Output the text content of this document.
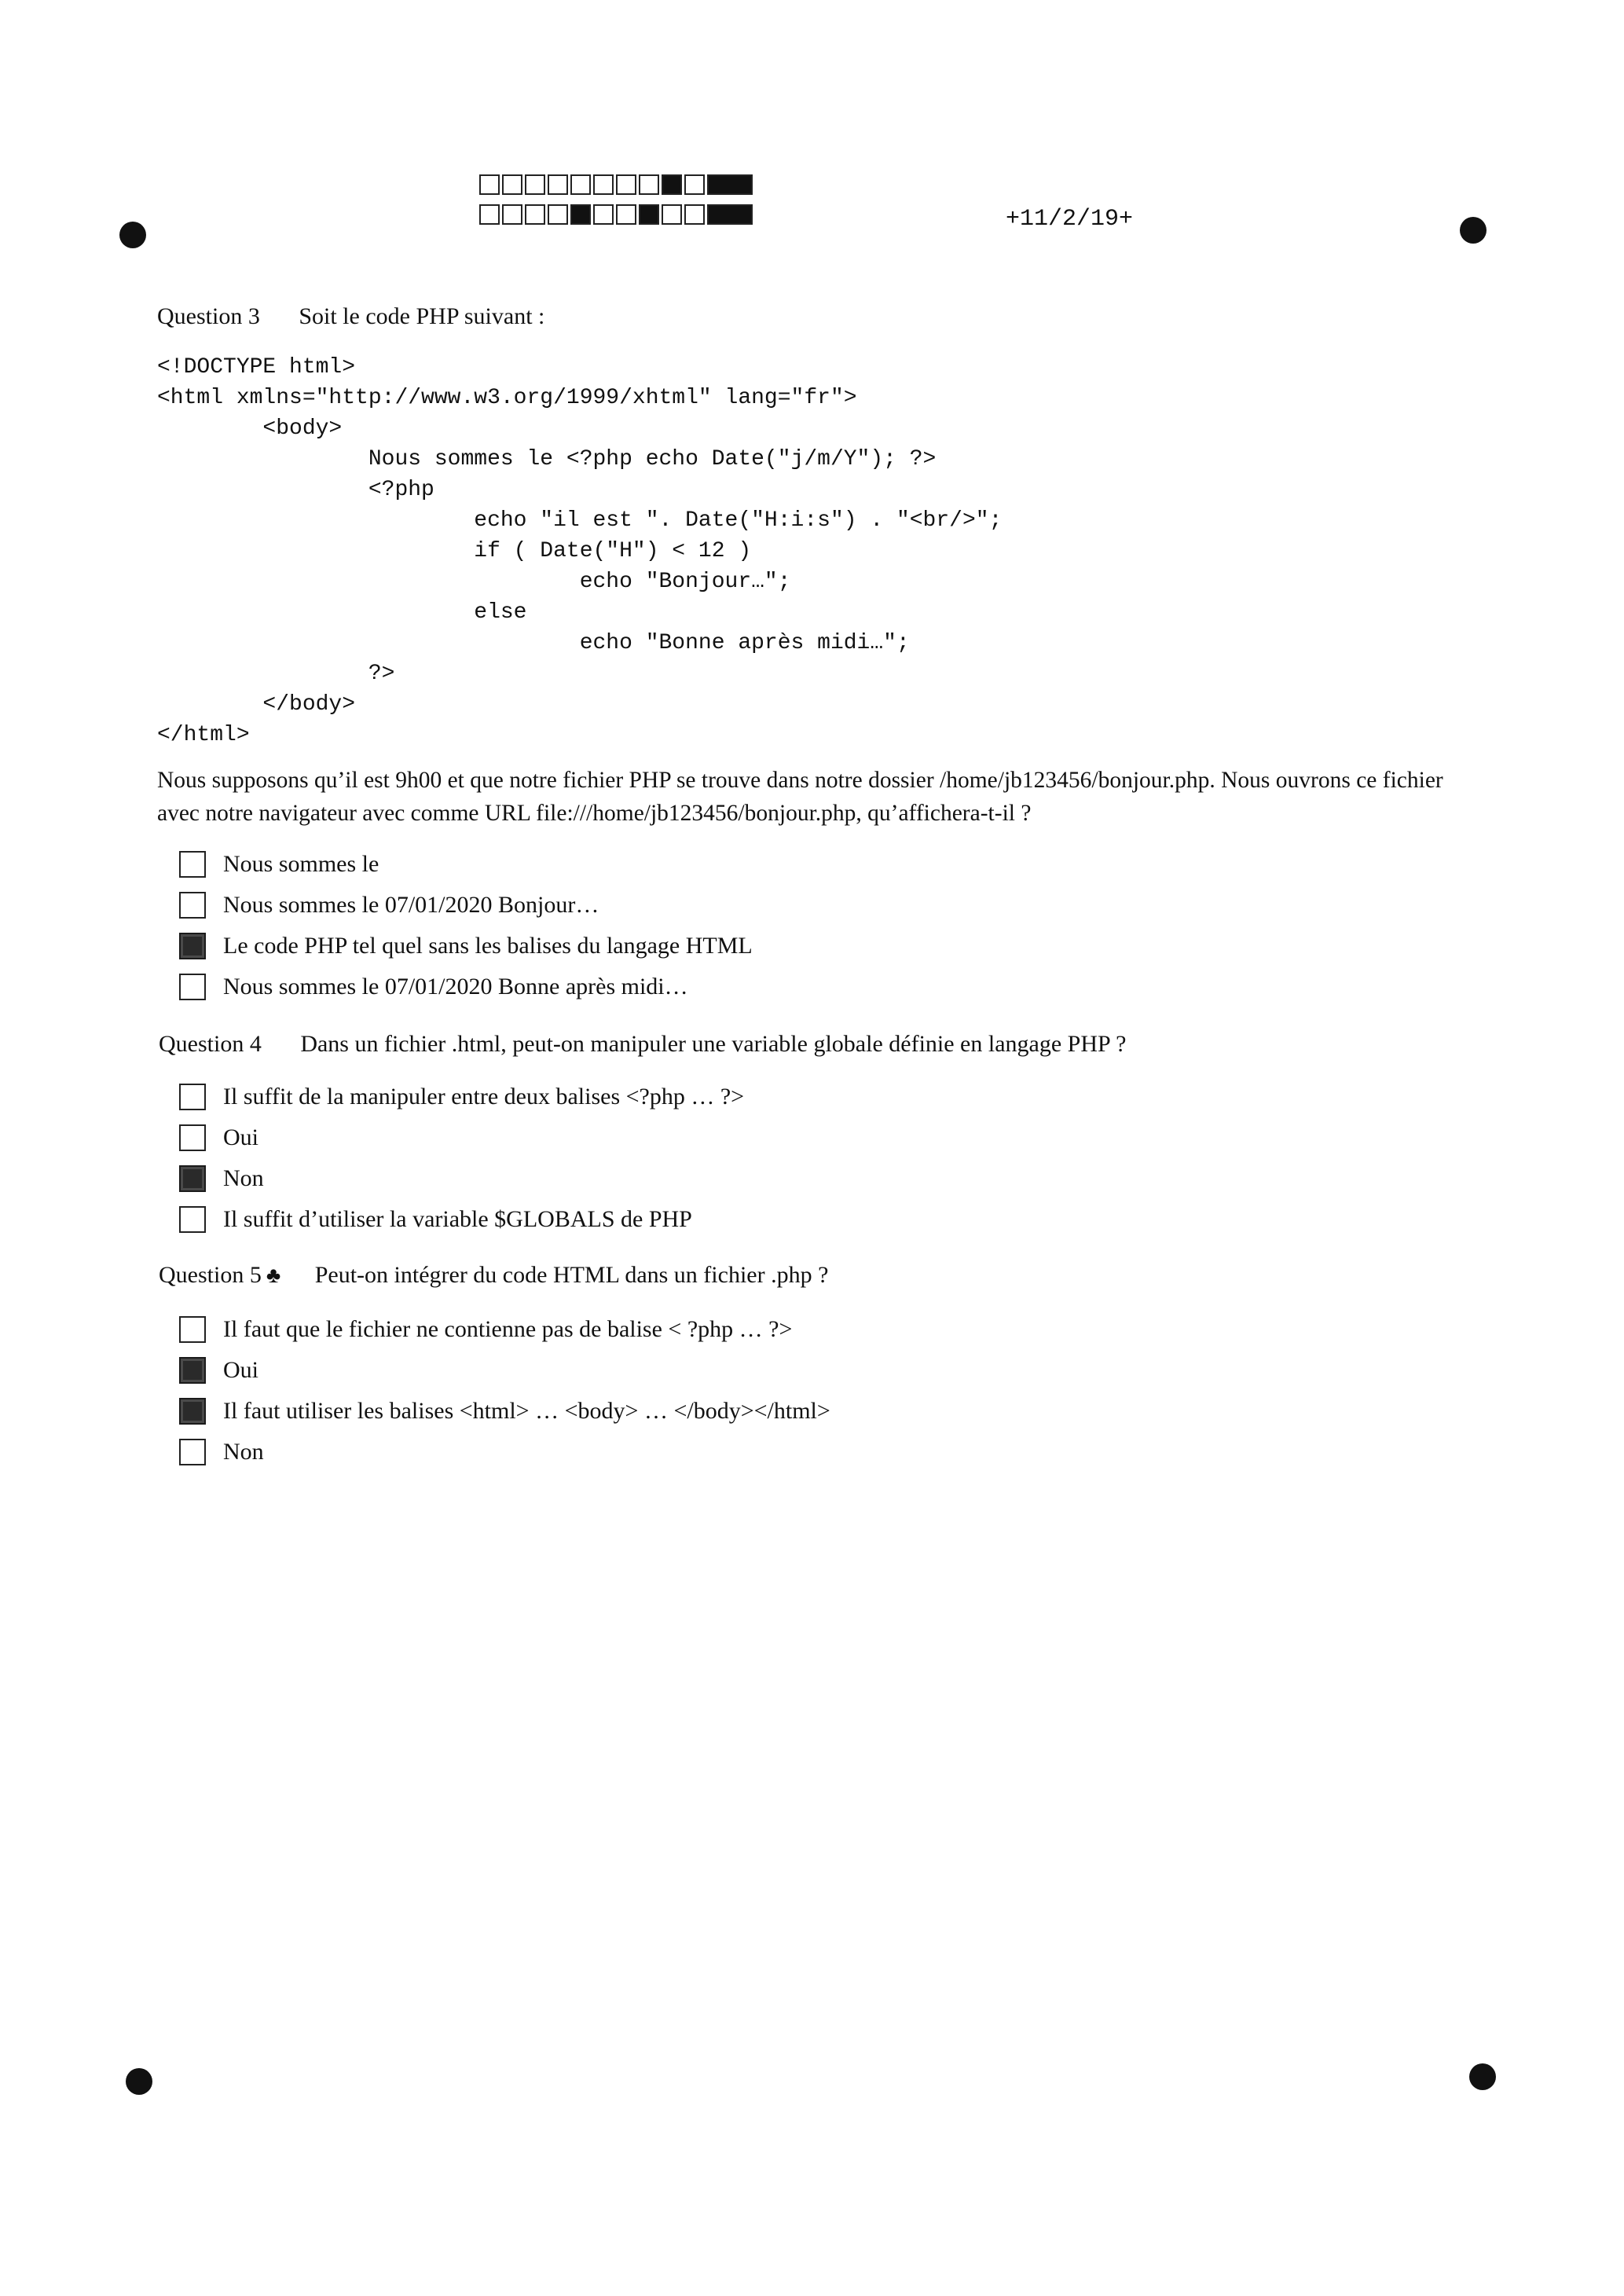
+11/2/19+
Question 3 Soit le code PHP suivant :
<!DOCTYPE html>
<html xmlns="http://www.w3.org/1999/xhtml" lang="fr">
<body>
Nous sommes le <?php echo Date("j/m/Y"); ?>
<?php
echo "il est ". Date("H:i:s") . "<br/>";
if ( Date("H") < 12 )
echo "Bonjour…";
else
echo "Bonne après midi…";
?>
</body>
</html>
Nous supposons qu’il est 9h00 et que notre fichier PHP se trouve dans notre dossier /home/jb123456/bonjour.php. Nous ouvrons ce fichier avec notre navigateur avec comme URL file:///home/jb123456/bonjour.php, qu’affichera-t-il ?
Nous sommes le
Nous sommes le 07/01/2020 Bonjour…
Le code PHP tel quel sans les balises du langage HTML
Nous sommes le 07/01/2020 Bonne après midi…
Question 4 Dans un fichier .html, peut-on manipuler une variable globale définie en langage PHP ?
Il suffit de la manipuler entre deux balises <?php … ?>
Oui
Non
Il suffit d’utiliser la variable $GLOBALS de PHP
Question 5 ♣ Peut-on intégrer du code HTML dans un fichier .php ?
Il faut que le fichier ne contienne pas de balise < ?php … ?>
Oui
Il faut utiliser les balises <html> … <body> … </body></html>
Non
